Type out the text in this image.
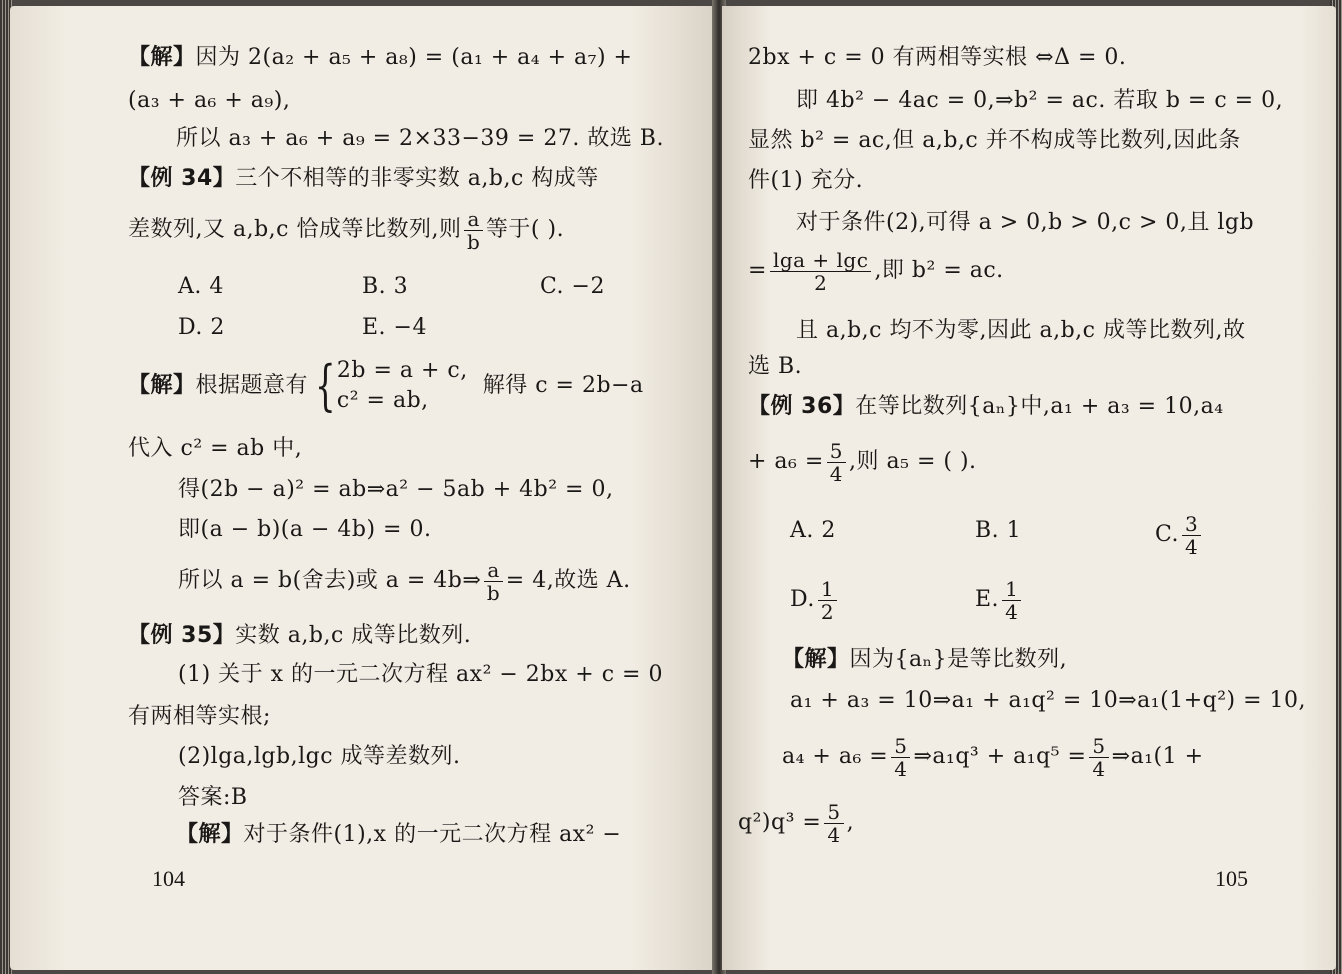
【解】因为 2(a₂ + a₅ + a₈) = (a₁ + a₄ + a₇) +
(a₃ + a₆ + a₉),
所以 a₃ + a₆ + a₉ = 2×33−39 = 27. 故选 B.
【例 34】三个不相等的非零实数 a,b,c 构成等
差数列,又 a,b,c 恰成等比数列,则 $\frac{a}{b}$ 等于( ).
A. 4	B. 3	C. −2
D. 2	E. −4
【解】根据题意有 { 2b = a + c,
c² = ab,
解得 c = 2b−a
代入 c² = ab 中,
得(2b − a)² = ab⇒a² − 5ab + 4b² = 0,
即(a − b)(a − 4b) = 0.
所以 a = b(舍去)或 a = 4b⇒ $\frac{a}{b} = 4$,故选 A.
【例 35】实数 a,b,c 成等比数列.
(1) 关于 x 的一元二次方程 ax² − 2bx + c = 0
有两相等实根;
(2)lga,lgb,lgc 成等差数列.
答案:B
【解】对于条件(1),x 的一元二次方程 ax² −
104
2bx + c = 0 有两相等实根 ⇔Δ = 0.
即 4b² − 4ac = 0,⇒b² = ac. 若取 b = c = 0,
显然 b² = ac,但 a,b,c 并不构成等比数列,因此条
件(1) 充分.
对于条件(2),可得 a > 0,b > 0,c > 0,且 lgb
= $\frac{\lg a + \lg c}{2}$ ,即 b² = ac.
且 a,b,c 均不为零,因此 a,b,c 成等比数列,故
选 B.
【例 36】在等比数列{aₙ}中,a₁ + a₃ = 10,a₄
+ $a_6 = \frac{5}{4}$ ,则 a₅ = ( ).
A. 2	B. 1	C. $\frac{3}{4}$
D. $\frac{1}{2}$	E. $\frac{1}{4}$
【解】因为{aₙ}是等比数列,
a₁ + a₃ = 10⇒a₁ + a₁q² = 10⇒a₁(1+q²) = 10,
$a_4 + a_6 = \frac{5}{4}$ ⇒a₁q³ + $a_1q^5 = \frac{5}{4}$ ⇒a₁(1 +
$q^2)q^3 = \frac{5}{4}$ ,
105
